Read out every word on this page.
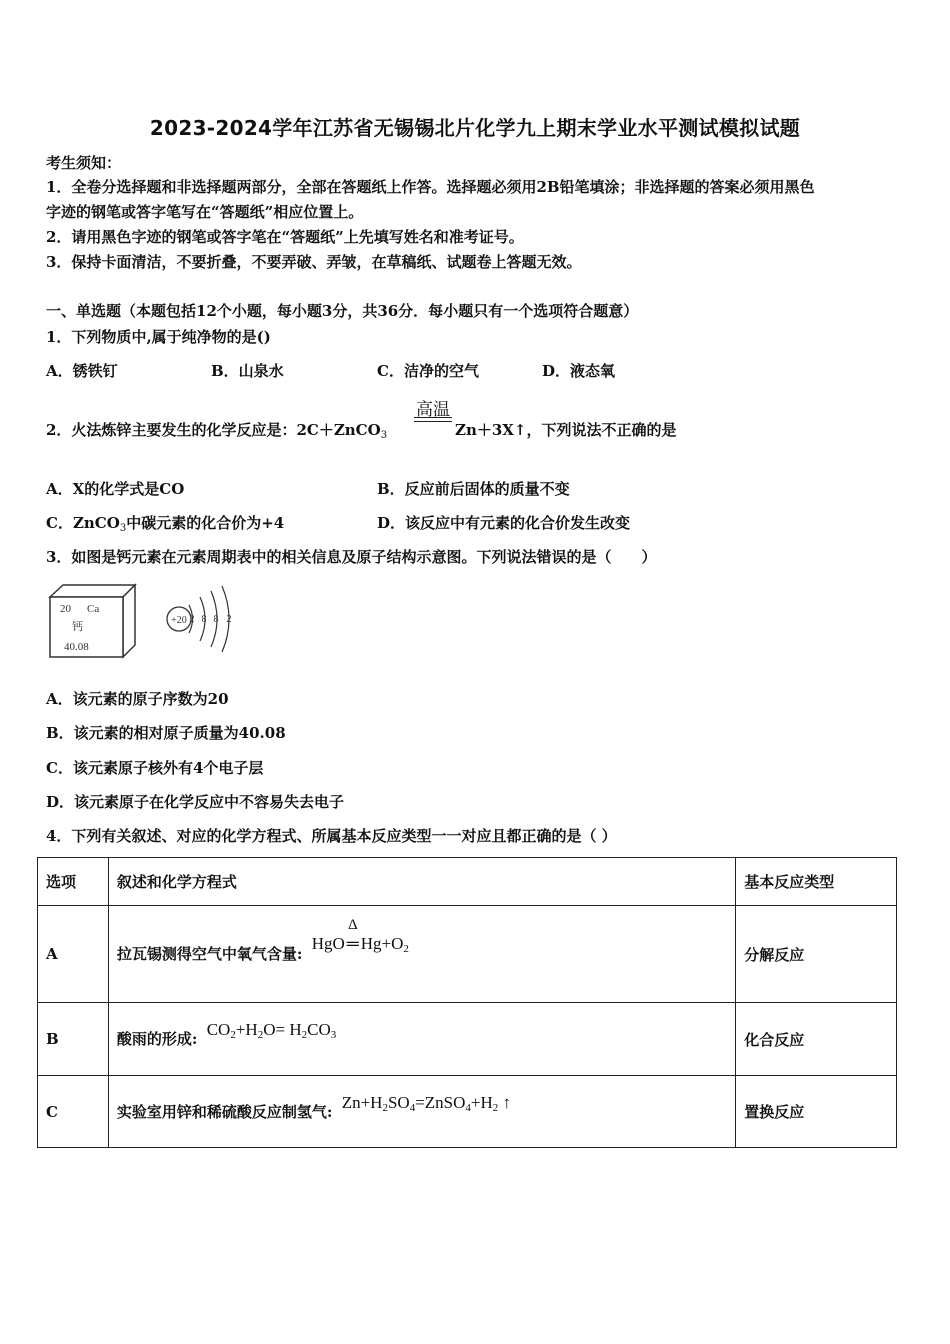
2023-2024学年江苏省无锡锡北片化学九上期末学业水平测试模拟试题
考生须知：
1．全卷分选择题和非选择题两部分，全部在答题纸上作答。选择题必须用2B铅笔填涂；非选择题的答案必须用黑色
字迹的钢笔或答字笔写在“答题纸”相应位置上。
2．请用黑色字迹的钢笔或答字笔在“答题纸”上先填写姓名和准考证号。
3．保持卡面清洁，不要折叠，不要弄破、弄皱，在草稿纸、试题卷上答题无效。
一、单选题（本题包括12个小题，每小题3分，共36分．每小题只有一个选项符合题意）
1．下列物质中,属于纯净物的是()
A．锈铁钉	B．山泉水	C．洁净的空气	D．液态氧
2．火法炼锌主要发生的化学反应是：2C＋ZnCO$_3$
高温
Zn＋3X↑，下列说法不正确的是
A．X的化学式是CO	B．反应前后固体的质量不变
C．ZnCO$_3$中碳元素的化合价为+4	D．该反应中有元素的化合价发生改变
3．如图是钙元素在元素周期表中的相关信息及原子结构示意图。下列说法错误的是（　　）
20 Ca
钙
40.08
+20 2 8 8 2
A．该元素的原子序数为20
B．该元素的相对原子质量为40.08
C．该元素原子核外有4个电子层
D．该元素原子在化学反应中不容易失去电子
4．下列有关叙述、对应的化学方程式、所属基本反应类型一一对应且都正确的是（ ）
选项	叙述和化学方程式	基本反应类型
A	拉瓦锡测得空气中氧气含量: HgO
Δ
═ $Hg+O_2$	分解反应
B	酸雨的形成: $CO_2+H_2O= H_2CO_3$	化合反应
C	实验室用锌和稀硫酸反应制氢气: $Zn+H_2SO_4=ZnSO_4+H_2$ ↑	置换反应
